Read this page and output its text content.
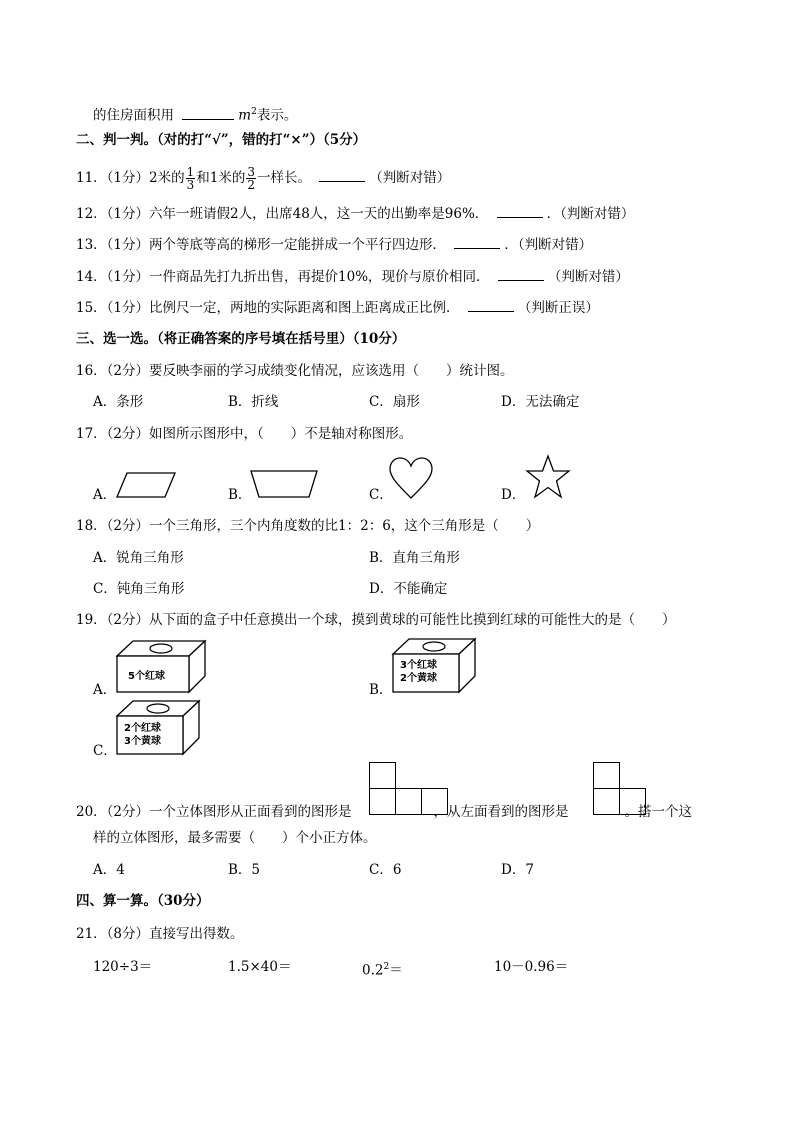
的住房面积用	$m^2$表示。
二、判一判。（对的打“√”，错的打“×”）（5分）
11．（1分）2米的 $\frac{1}{3}$ 和1米的 $\frac{3}{2}$ 一样长。	（判断对错）
12．（1分）六年一班请假2人，出席48人，这一天的出勤率是96%．	．（判断对错）
13．（1分）两个等底等高的梯形一定能拼成一个平行四边形．	．（判断对错）
14．（1分）一件商品先打九折出售，再提价10%，现价与原价相同．	（判断对错）
15．（1分）比例尺一定，两地的实际距离和图上距离成正比例．	（判断正误）
三、选一选。（将正确答案的序号填在括号里）（10分）
16．（2分）要反映李丽的学习成绩变化情况，应该选用（　　）统计图。
A．条形	B．折线	C．扇形	D．无法确定
17．（2分）如图所示图形中，（　　）不是轴对称图形。
A．	B．	C．	D．
18．（2分）一个三角形，三个内角度数的比1：2：6，这个三角形是（　　）
A．锐角三角形	B．直角三角形
C．钝角三角形	D．不能确定
19．（2分）从下面的盒子中任意摸出一个球，摸到黄球的可能性比摸到红球的可能性大的是（　　）
A．
5个红球
B．
3个红球
2个黄球
C．
2个红球
3个黄球
20．（2分）一个立体图形从正面看到的图形是	，从左面看到的图形是	。搭一个这
样的立体图形，最多需要（　　）个小正方体。
A．4	B．5	C．6	D．7
四、算一算。（30分）
21．（8分）直接写出得数。
120÷3＝	1.5×40＝	$0.2^2=$	10－0.96＝
